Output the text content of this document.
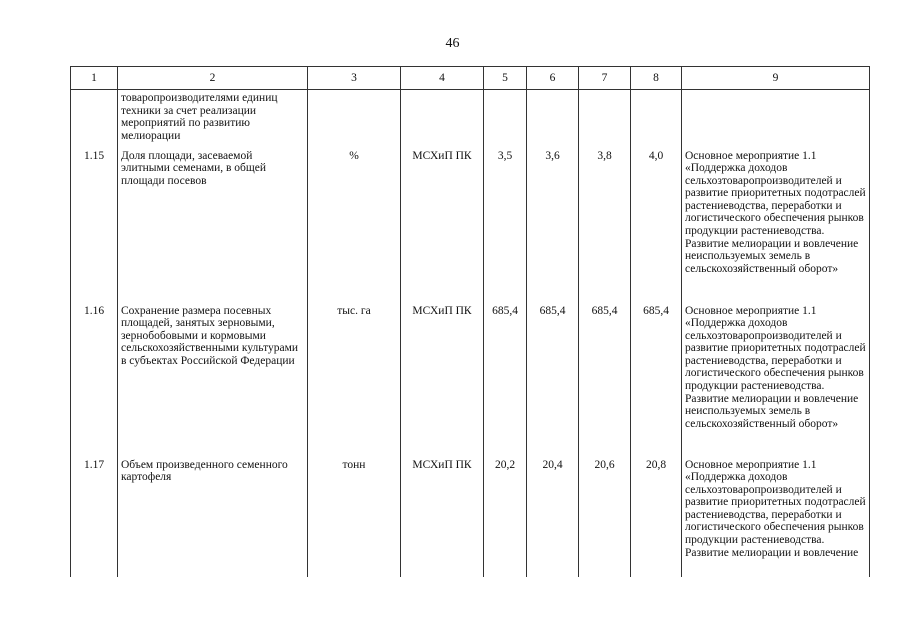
46
1	2	3	4	5	6	7	8	9
	товаропроизводителями единиц техники за счет реализации мероприятий по развитию мелиорации							
1.15	Доля площади, засеваемой элитными семенами, в общей площади посевов	%	МСХиП ПК	3,5	3,6	3,8	4,0	Основное мероприятие 1.1 «Поддержка доходов сельхозтоваропроизводителей и развитие приоритетных подотраслей растениеводства, переработки и логистического обеспечения рынков продукции растениеводства. Развитие мелиорации и вовлечение неиспользуемых земель в сельскохозяйственный оборот»
1.16	Сохранение размера посевных площадей, занятых зерновыми, зернобобовыми и кормовыми сельскохозяйственными культурами в субъектах Российской Федерации	тыс. га	МСХиП ПК	685,4	685,4	685,4	685,4	Основное мероприятие 1.1 «Поддержка доходов сельхозтоваропроизводителей и развитие приоритетных подотраслей растениеводства, переработки и логистического обеспечения рынков продукции растениеводства. Развитие мелиорации и вовлечение неиспользуемых земель в сельскохозяйственный оборот»
1.17	Объем произведенного семенного картофеля	тонн	МСХиП ПК	20,2	20,4	20,6	20,8	Основное мероприятие 1.1 «Поддержка доходов сельхозтоваропроизводителей и развитие приоритетных подотраслей растениеводства, переработки и логистического обеспечения рынков продукции растениеводства. Развитие мелиорации и вовлечение
